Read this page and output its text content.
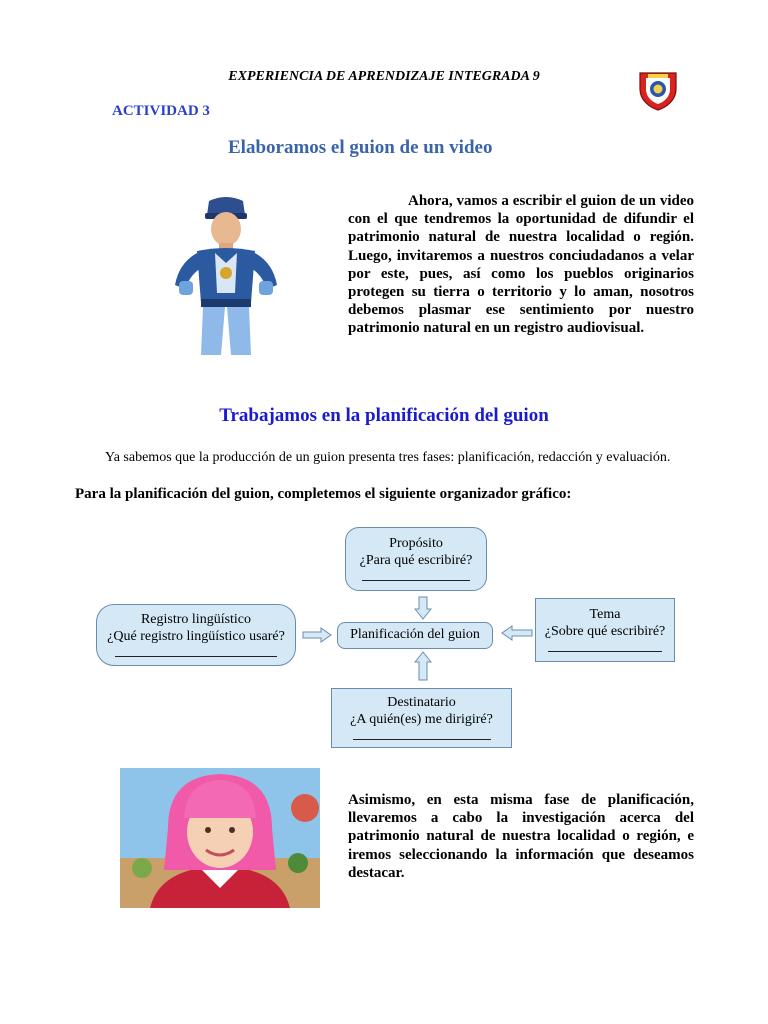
EXPERIENCIA DE APRENDIZAJE INTEGRADA 9
ACTIVIDAD 3
Elaboramos el guion de un video
Ahora, vamos a escribir el guion de un video con el que tendremos la oportunidad de difundir el patrimonio natural de nuestra localidad o región. Luego, invitaremos a nuestros conciudadanos a velar por este, pues, así como los pueblos originarios protegen su tierra o territorio y lo aman, nosotros debemos plasmar ese sentimiento por nuestro patrimonio natural en un registro audiovisual.
Trabajamos en la planificación del guion
Ya sabemos que la producción de un guion presenta tres fases: planificación, redacción y evaluación.
Para la planificación del guion, completemos el siguiente organizador gráfico:
Propósito
¿Para qué escribiré?
Registro lingüístico
¿Qué registro lingüístico usaré?	Planificación del guion
Tema
¿Sobre qué escribiré?
Destinatario
¿A quién(es) me dirigiré?
Asimismo, en esta misma fase de planificación, llevaremos a cabo la investigación acerca del patrimonio natural de nuestra localidad o región, e iremos seleccionando la información que deseamos destacar.
